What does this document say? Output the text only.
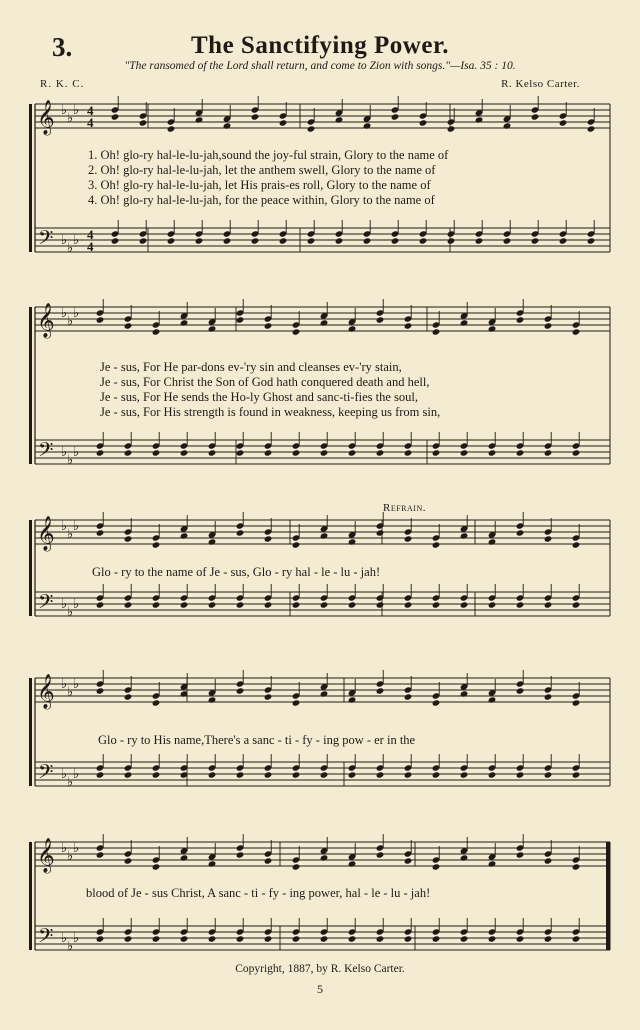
3.	The Sanctifying Power.
"The ransomed of the Lord shall return, and come to Zion with songs."—Isa. 35 : 10.
R. K. C.	R. Kelso Carter.
𝄞
𝄢
♭
♭
♭
♭
♭
♭
4
4
4
4
𝄞
𝄢
♭
♭
♭
♭
♭
♭
𝄞
𝄢
♭
♭
♭
♭
♭
♭
𝄞
𝄢
♭
♭
♭
♭
♭
♭
𝄞
𝄢
♭
♭
♭
♭
♭
♭
1. Oh! glo-ry hal-le-lu-jah,sound the joy-ful strain, Glory to the name of
2. Oh! glo-ry hal-le-lu-jah, let the anthem swell, Glory to the name of
3. Oh! glo-ry hal-le-lu-jah, let His prais-es roll, Glory to the name of
4. Oh! glo-ry hal-le-lu-jah, for the peace within, Glory to the name of
Je - sus, For He par-dons ev-'ry sin and cleanses ev-'ry stain,
Je - sus, For Christ the Son of God hath conquered death and hell,
Je - sus, For He sends the Ho-ly Ghost and sanc-ti-fies the soul,
Je - sus, For His strength is found in weakness, keeping us from sin,
Refrain.
Glo - ry to the name of Je - sus, Glo - ry hal - le - lu - jah!
Glo - ry to His name,There's a sanc - ti - fy - ing pow - er in the
blood of Je - sus Christ, A sanc - ti - fy - ing power, hal - le - lu - jah!
Copyright, 1887, by R. Kelso Carter.
5
